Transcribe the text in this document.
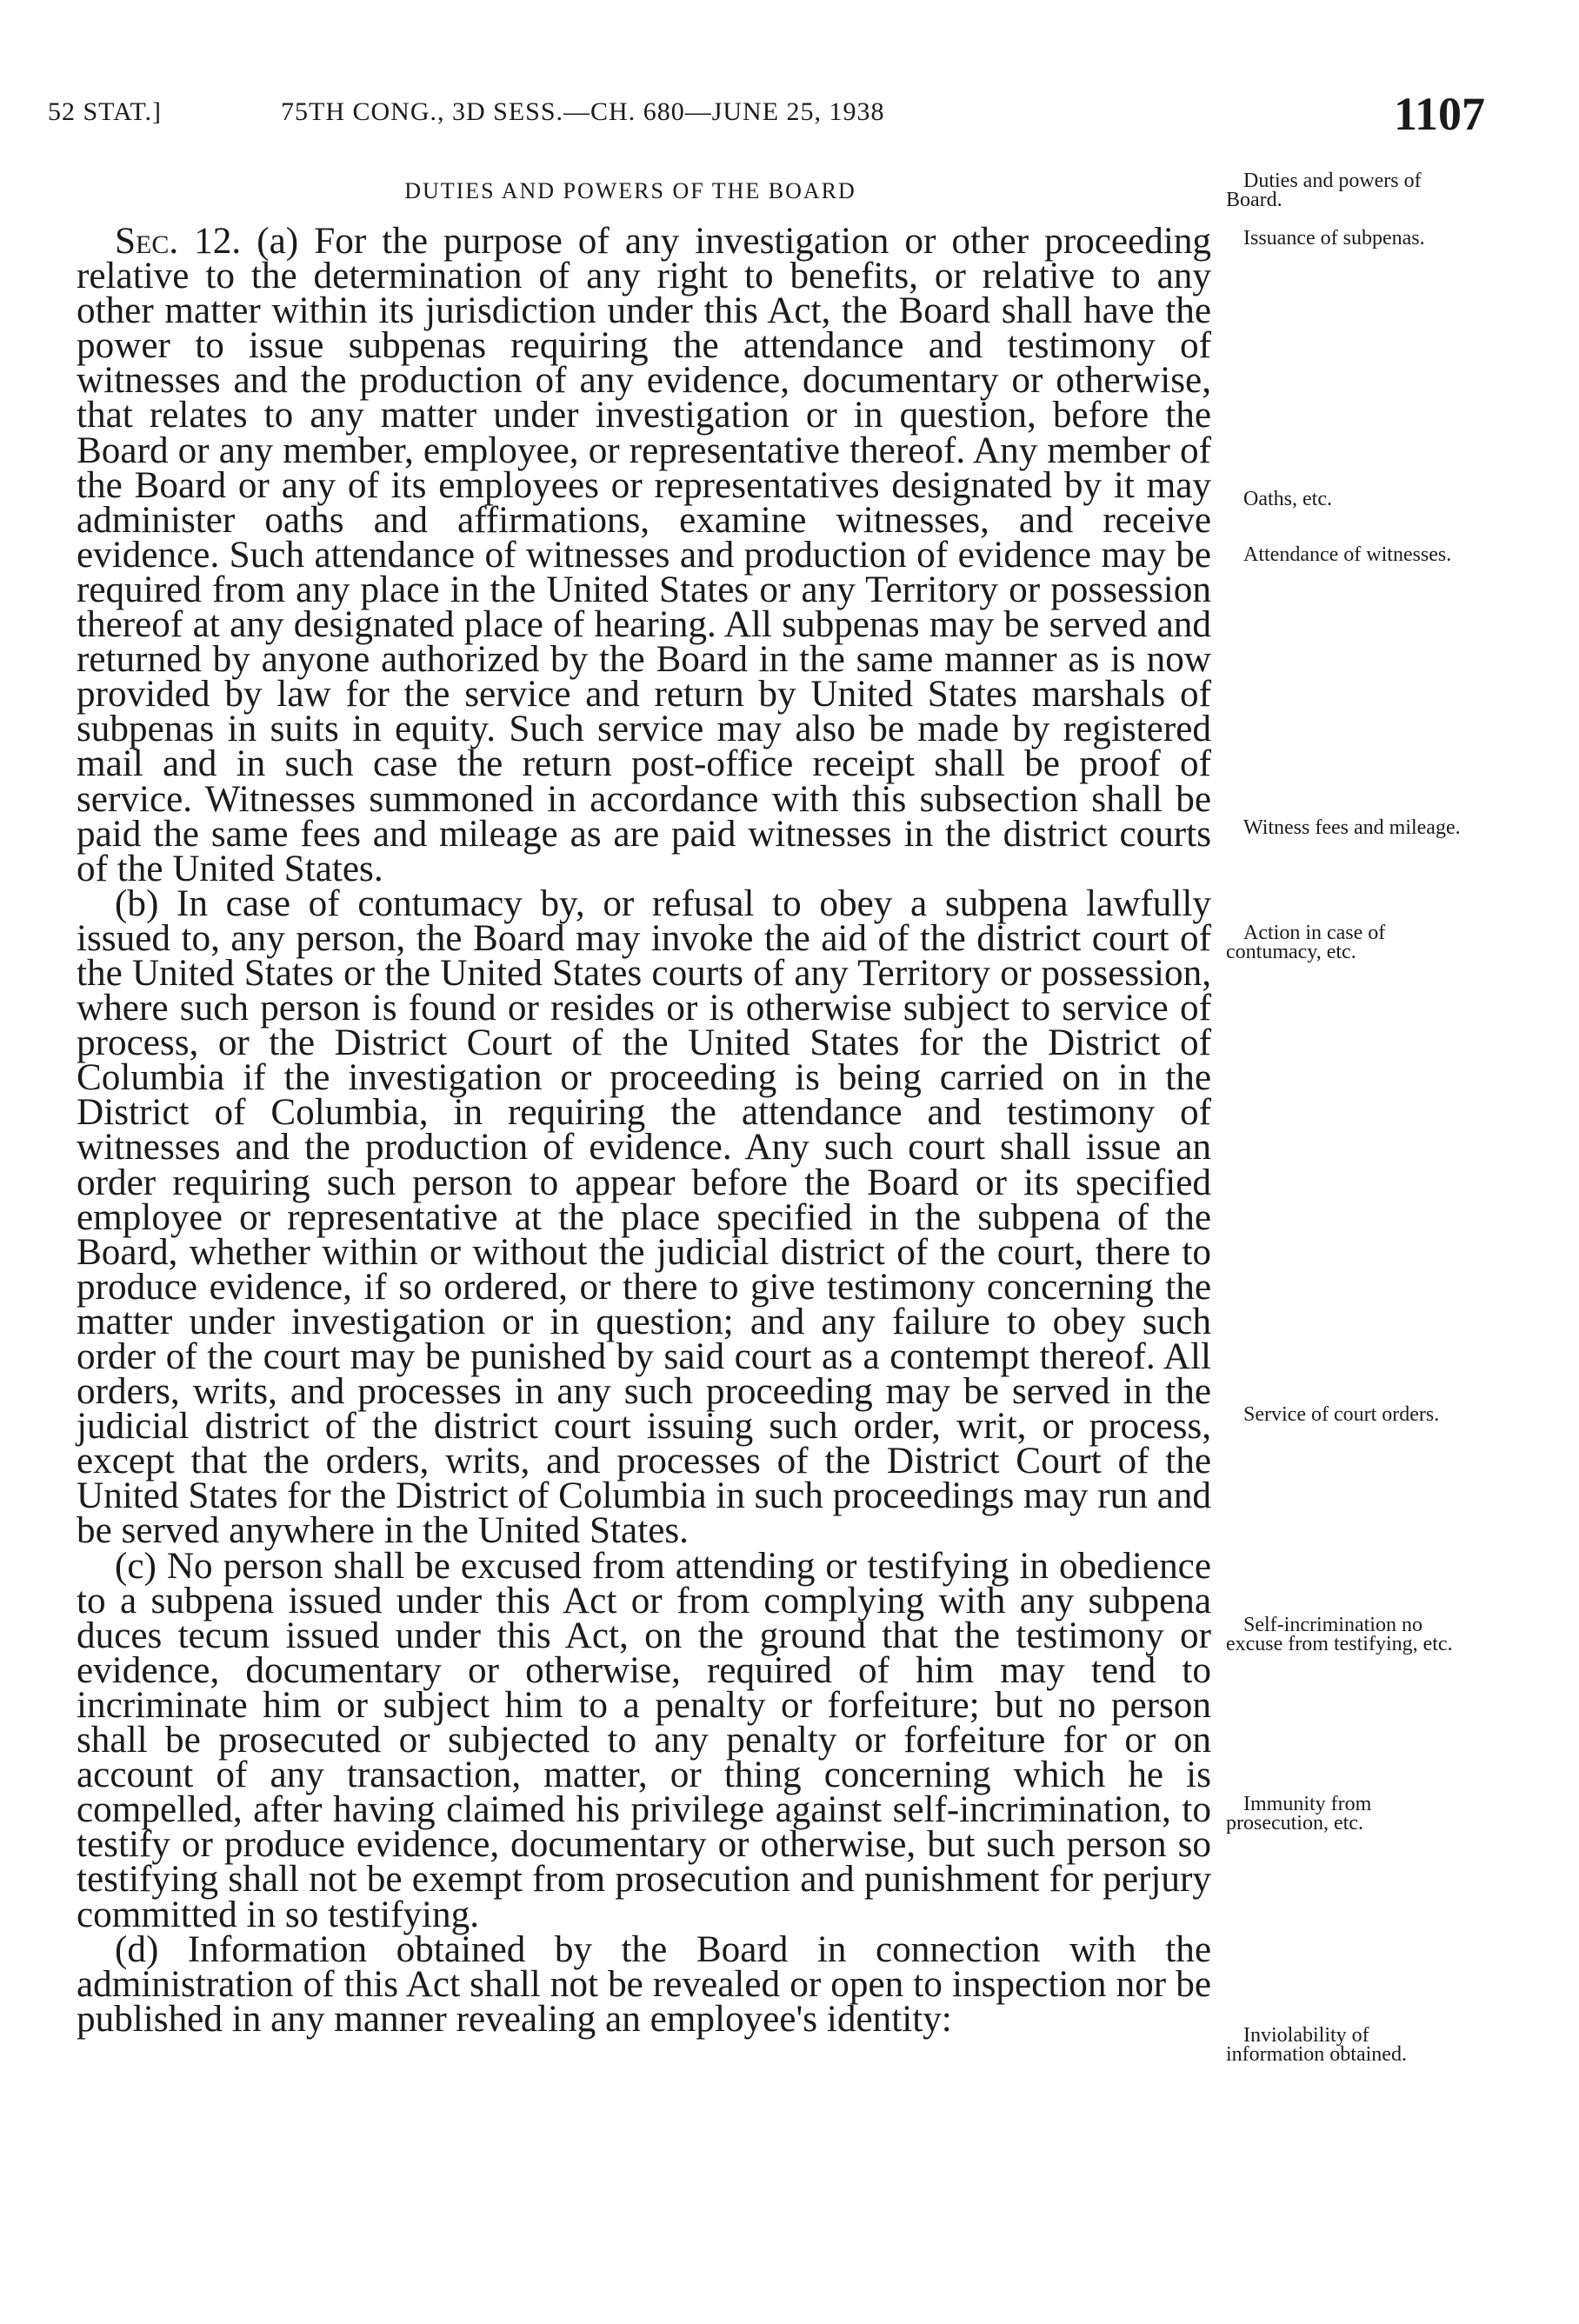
52 STAT.]	75TH CONG., 3D SESS.—CH. 680—JUNE 25, 1938	1107
DUTIES AND POWERS OF THE BOARD

Sec. 12. (a) For the purpose of any investigation or other proceeding relative to the determination of any right to benefits, or relative to any other matter within its jurisdiction under this Act, the Board shall have the power to issue subpenas requiring the attendance and testimony of witnesses and the production of any evidence, documentary or otherwise, that relates to any matter under investigation or in question, before the Board or any member, employee, or representative thereof. Any member of the Board or any of its employees or representatives designated by it may administer oaths and affirmations, examine witnesses, and receive evidence. Such attendance of witnesses and production of evidence may be required from any place in the United States or any Territory or possession thereof at any designated place of hearing. All subpenas may be served and returned by anyone authorized by the Board in the same manner as is now provided by law for the service and return by United States marshals of subpenas in suits in equity. Such service may also be made by registered mail and in such case the return post-office receipt shall be proof of service. Witnesses summoned in accordance with this subsection shall be paid the same fees and mileage as are paid witnesses in the district courts of the United States.

(b) In case of contumacy by, or refusal to obey a subpena lawfully issued to, any person, the Board may invoke the aid of the district court of the United States or the United States courts of any Territory or possession, where such person is found or resides or is otherwise subject to service of process, or the District Court of the United States for the District of Columbia if the investigation or proceeding is being carried on in the District of Columbia, in requiring the attendance and testimony of witnesses and the production of evidence. Any such court shall issue an order requiring such person to appear before the Board or its specified employee or representative at the place specified in the subpena of the Board, whether within or without the judicial district of the court, there to produce evidence, if so ordered, or there to give testimony concerning the matter under investigation or in question; and any failure to obey such order of the court may be punished by said court as a contempt thereof. All orders, writs, and processes in any such proceeding may be served in the judicial district of the district court issuing such order, writ, or process, except that the orders, writs, and processes of the District Court of the United States for the District of Columbia in such proceedings may run and be served anywhere in the United States.

(c) No person shall be excused from attending or testifying in obedience to a subpena issued under this Act or from complying with any subpena duces tecum issued under this Act, on the ground that the testimony or evidence, documentary or otherwise, required of him may tend to incriminate him or subject him to a penalty or forfeiture; but no person shall be prosecuted or subjected to any penalty or forfeiture for or on account of any transaction, matter, or thing concerning which he is compelled, after having claimed his privilege against self-incrimination, to testify or produce evidence, documentary or otherwise, but such person so testifying shall not be exempt from prosecution and punishment for perjury committed in so testifying.

(d) Information obtained by the Board in connection with the administration of this Act shall not be revealed or open to inspection nor be published in any manner revealing an employee's identity:

Duties and powers of Board.
Issuance of subpenas.
Oaths, etc.
Attendance of witnesses.
Witness fees and mileage.
Action in case of contumacy, etc.
Service of court orders.
Self-incrimination no excuse from testifying, etc.
Immunity from prosecution, etc.
Inviolability of information obtained.
